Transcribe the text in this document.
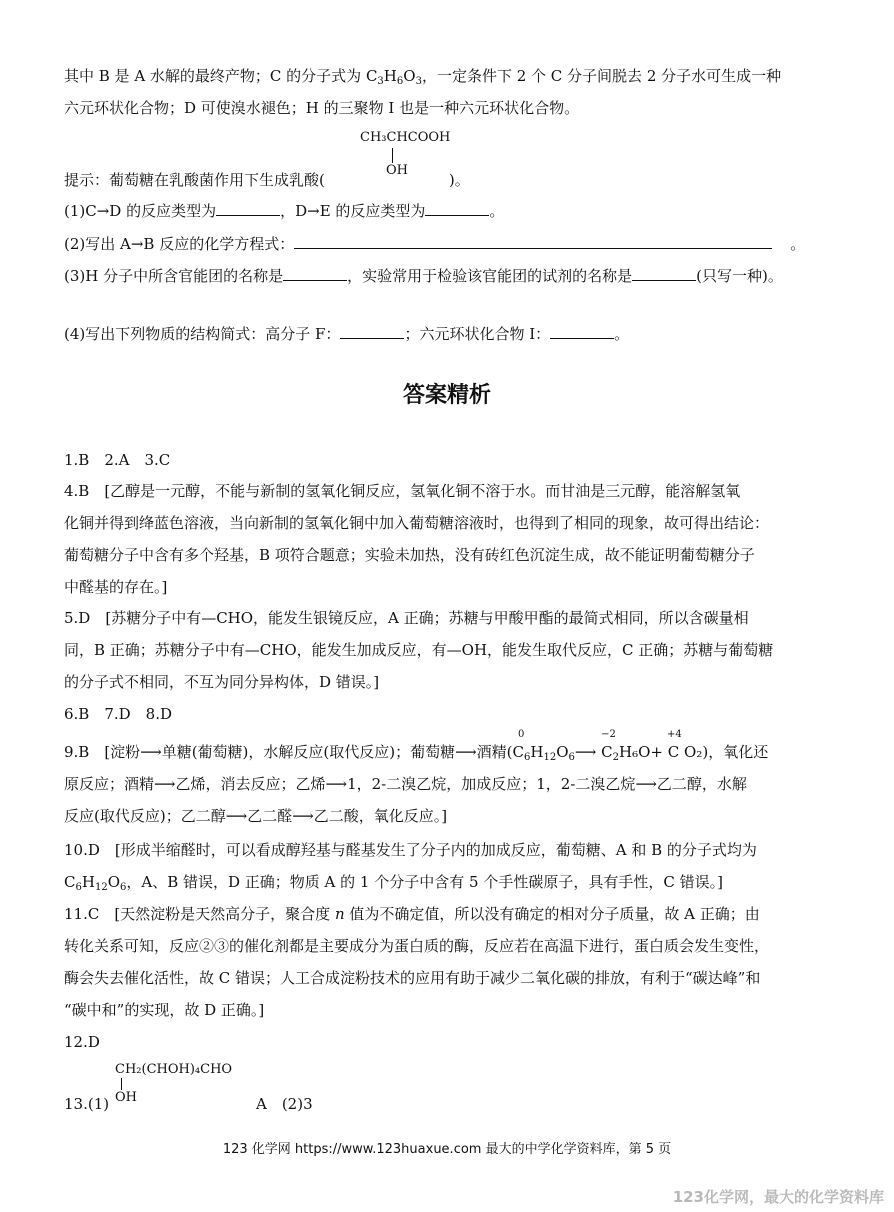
其中 B 是 A 水解的最终产物；C 的分子式为 $C_3H_6O_3$，一定条件下 2 个 C 分子间脱去 2 分子水可生成一种
六元环状化合物；D 可使溴水褪色；H 的三聚物 I 也是一种六元环状化合物。
CH₃CHCOOH
OH
提示：葡萄糖在乳酸菌作用下生成乳酸(	)。
(1)C→D 的反应类型为	，D→E 的反应类型为	。
(2)写出 A→B 反应的化学方程式：	。
(3)H 分子中所含官能团的名称是	，实验常用于检验该官能团的试剂的名称是	(只写一种)。
(4)写出下列物质的结构简式：高分子 F：	；六元环状化合物 I：	。
答案精析
1.B　2.A　3.C
4.B　[乙醇是一元醇，不能与新制的氢氧化铜反应，氢氧化铜不溶于水。而甘油是三元醇，能溶解氢氧
化铜并得到绛蓝色溶液，当向新制的氢氧化铜中加入葡萄糖溶液时，也得到了相同的现象，故可得出结论：
葡萄糖分子中含有多个羟基，B 项符合题意；实验未加热，没有砖红色沉淀生成，故不能证明葡萄糖分子
中醛基的存在。]
5.D　[苏糖分子中有—CHO，能发生银镜反应，A 正确；苏糖与甲酸甲酯的最简式相同，所以含碳量相
同，B 正确；苏糖分子中有—CHO，能发生加成反应，有—OH，能发生取代反应，C 正确；苏糖与葡萄糖
的分子式不相同，不互为同分异构体，D 错误。]
6.B　7.D　8.D
9.B　[淀粉⟶单糖(葡萄糖)，水解反应(取代反应)；葡萄糖⟶酒精(C
0
$_6H_{12}O_6⟶$
−2
$C_2H_6O+$
+4
C O₂)，氧化还
原反应；酒精⟶乙烯，消去反应；乙烯⟶1，2-二溴乙烷，加成反应；1，2-二溴乙烷⟶乙二醇，水解
反应(取代反应)；乙二醇⟶乙二醛⟶乙二酸，氧化反应。]
10.D　[形成半缩醛时，可以看成醇羟基与醛基发生了分子内的加成反应，葡萄糖、A 和 B 的分子式均为
$C_6H_{12}O_6$，A、B 错误，D 正确；物质 A 的 1 个分子中含有 5 个手性碳原子，具有手性，C 错误。]
11.C　[天然淀粉是天然高分子，聚合度 n 值为不确定值，所以没有确定的相对分子质量，故 A 正确；由
转化关系可知，反应②③的催化剂都是主要成分为蛋白质的酶，反应若在高温下进行，蛋白质会发生变性，
酶会失去催化活性，故 C 错误；人工合成淀粉技术的应用有助于减少二氧化碳的排放，有利于“碳达峰”和
“碳中和”的实现，故 D 正确。]
12.D
CH₂(CHOH)₄CHO
OH
13.(1)	A　(2)3
123 化学网 https://www.123huaxue.com 最大的中学化学资料库，第 5 页
123化学网，最大的化学资料库
